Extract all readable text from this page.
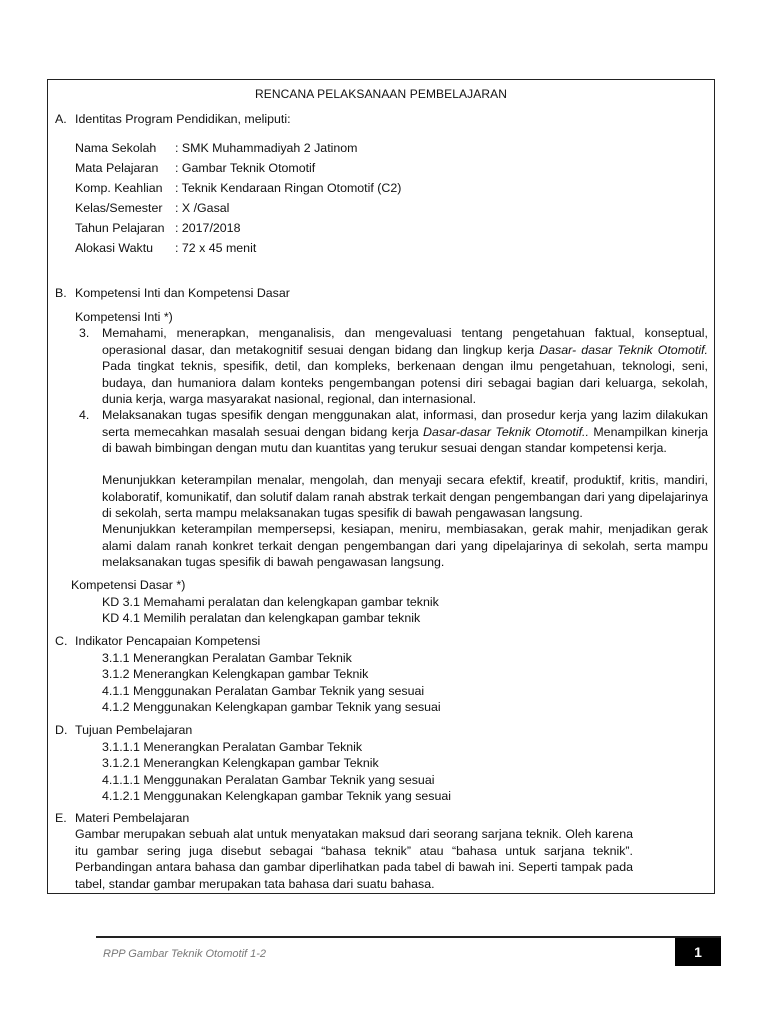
RENCANA PELAKSANAAN PEMBELAJARAN
A. Identitas Program Pendidikan, meliputi:
Nama Sekolah	: SMK Muhammadiyah 2 Jatinom
Mata Pelajaran	: Gambar Teknik Otomotif
Komp. Keahlian	: Teknik Kendaraan Ringan Otomotif (C2)
Kelas/Semester	: X /Gasal
Tahun Pelajaran	: 2017/2018
Alokasi Waktu	: 72 x 45 menit
B. Kompetensi Inti dan Kompetensi Dasar
Kompetensi Inti *)
3. Memahami, menerapkan, menganalisis, dan mengevaluasi tentang pengetahuan faktual, konseptual, operasional dasar, dan metakognitif sesuai dengan bidang dan lingkup kerja Dasar- dasar Teknik Otomotif. Pada tingkat teknis, spesifik, detil, dan kompleks, berkenaan dengan ilmu pengetahuan, teknologi, seni, budaya, dan humaniora dalam konteks pengembangan potensi diri sebagai bagian dari keluarga, sekolah, dunia kerja, warga masyarakat nasional, regional, dan internasional.
4. Melaksanakan tugas spesifik dengan menggunakan alat, informasi, dan prosedur kerja yang lazim dilakukan serta memecahkan masalah sesuai dengan bidang kerja Dasar-dasar Teknik Otomotif.. Menampilkan kinerja di bawah bimbingan dengan mutu dan kuantitas yang terukur sesuai dengan standar kompetensi kerja.
Menunjukkan keterampilan menalar, mengolah, dan menyaji secara efektif, kreatif, produktif, kritis, mandiri, kolaboratif, komunikatif, dan solutif dalam ranah abstrak terkait dengan pengembangan dari yang dipelajarinya di sekolah, serta mampu melaksanakan tugas spesifik di bawah pengawasan langsung.
Menunjukkan keterampilan mempersepsi, kesiapan, meniru, membiasakan, gerak mahir, menjadikan gerak alami dalam ranah konkret terkait dengan pengembangan dari yang dipelajarinya di sekolah, serta mampu melaksanakan tugas spesifik di bawah pengawasan langsung.
Kompetensi Dasar *)
KD 3.1 Memahami peralatan dan kelengkapan gambar teknik
KD 4.1 Memilih peralatan dan kelengkapan gambar teknik
C. Indikator Pencapaian Kompetensi
3.1.1 Menerangkan Peralatan Gambar Teknik
3.1.2 Menerangkan Kelengkapan gambar Teknik
4.1.1 Menggunakan Peralatan Gambar Teknik yang sesuai
4.1.2 Menggunakan Kelengkapan gambar Teknik yang sesuai
D. Tujuan Pembelajaran
3.1.1.1 Menerangkan Peralatan Gambar Teknik
3.1.2.1 Menerangkan Kelengkapan gambar Teknik
4.1.1.1 Menggunakan Peralatan Gambar Teknik yang sesuai
4.1.2.1 Menggunakan Kelengkapan gambar Teknik yang sesuai
E. Materi Pembelajaran
Gambar merupakan sebuah alat untuk menyatakan maksud dari seorang sarjana teknik. Oleh karena itu gambar sering juga disebut sebagai “bahasa teknik” atau “bahasa untuk sarjana teknik”. Perbandingan antara bahasa dan gambar diperlihatkan pada tabel di bawah ini. Seperti tampak pada tabel, standar gambar merupakan tata bahasa dari suatu bahasa.
RPP Gambar Teknik Otomotif 1-2	1
